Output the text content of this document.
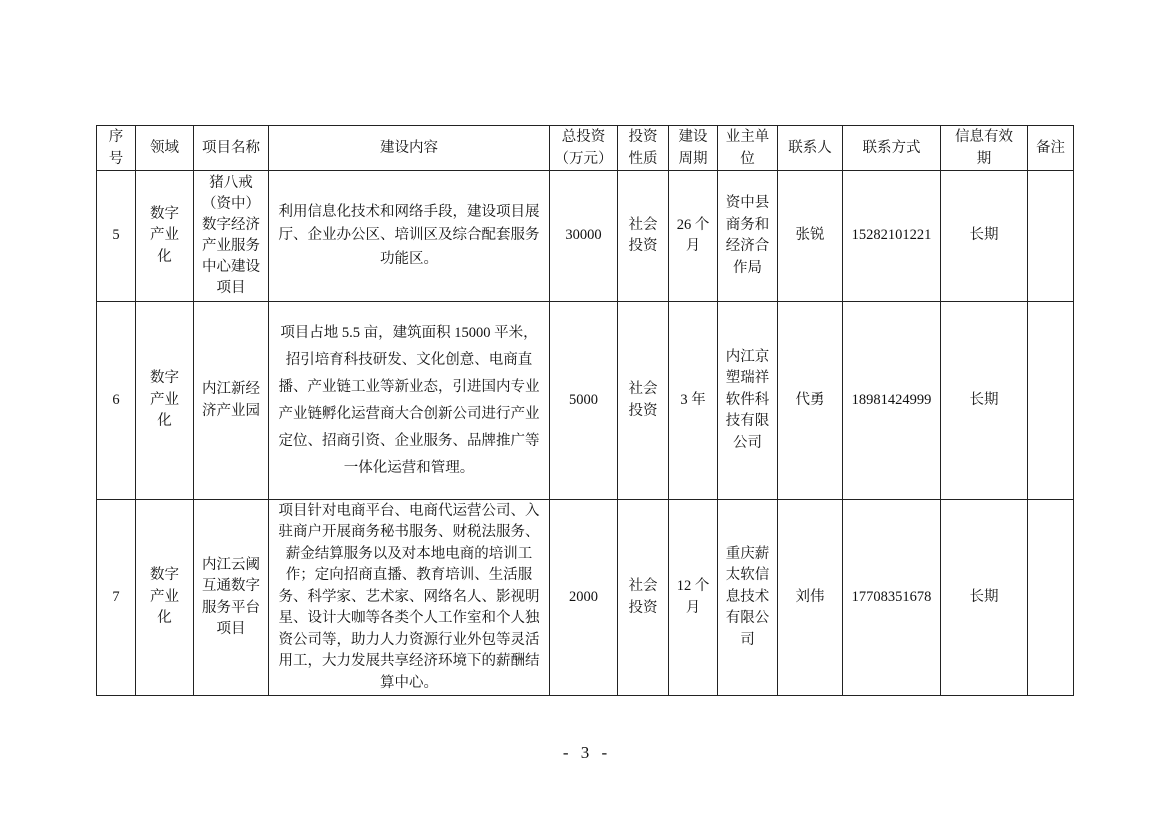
序号	领域	项目名称	建设内容	总投资（万元）	投资性质	建设周期	业主单位	联系人	联系方式	信息有效期	备注
5	数字产业化	猪八戒（资中）数字经济产业服务中心建设项目	利用信息化技术和网络手段，建设项目展厅、企业办公区、培训区及综合配套服务功能区。	30000	社会投资	26 个月	资中县商务和经济合作局	张锐	15282101221	长期	
6	数字产业化	内江新经济产业园	项目占地 5.5 亩，建筑面积 15000 平米，招引培育科技研发、文化创意、电商直播、产业链工业等新业态，引进国内专业产业链孵化运营商大合创新公司进行产业定位、招商引资、企业服务、品牌推广等一体化运营和管理。	5000	社会投资	3 年	内江京塑瑞祥软件科技有限公司	代勇	18981424999	长期	
7	数字产业化	内江云阈互通数字服务平台项目	项目针对电商平台、电商代运营公司、入驻商户开展商务秘书服务、财税法服务、薪金结算服务以及对本地电商的培训工作；定向招商直播、教育培训、生活服务、科学家、艺术家、网络名人、影视明星、设计大咖等各类个人工作室和个人独资公司等，助力人力资源行业外包等灵活用工，大力发展共享经济环境下的薪酬结算中心。	2000	社会投资	12 个月	重庆薪太软信息技术有限公司	刘伟	17708351678	长期	
- 3 -
